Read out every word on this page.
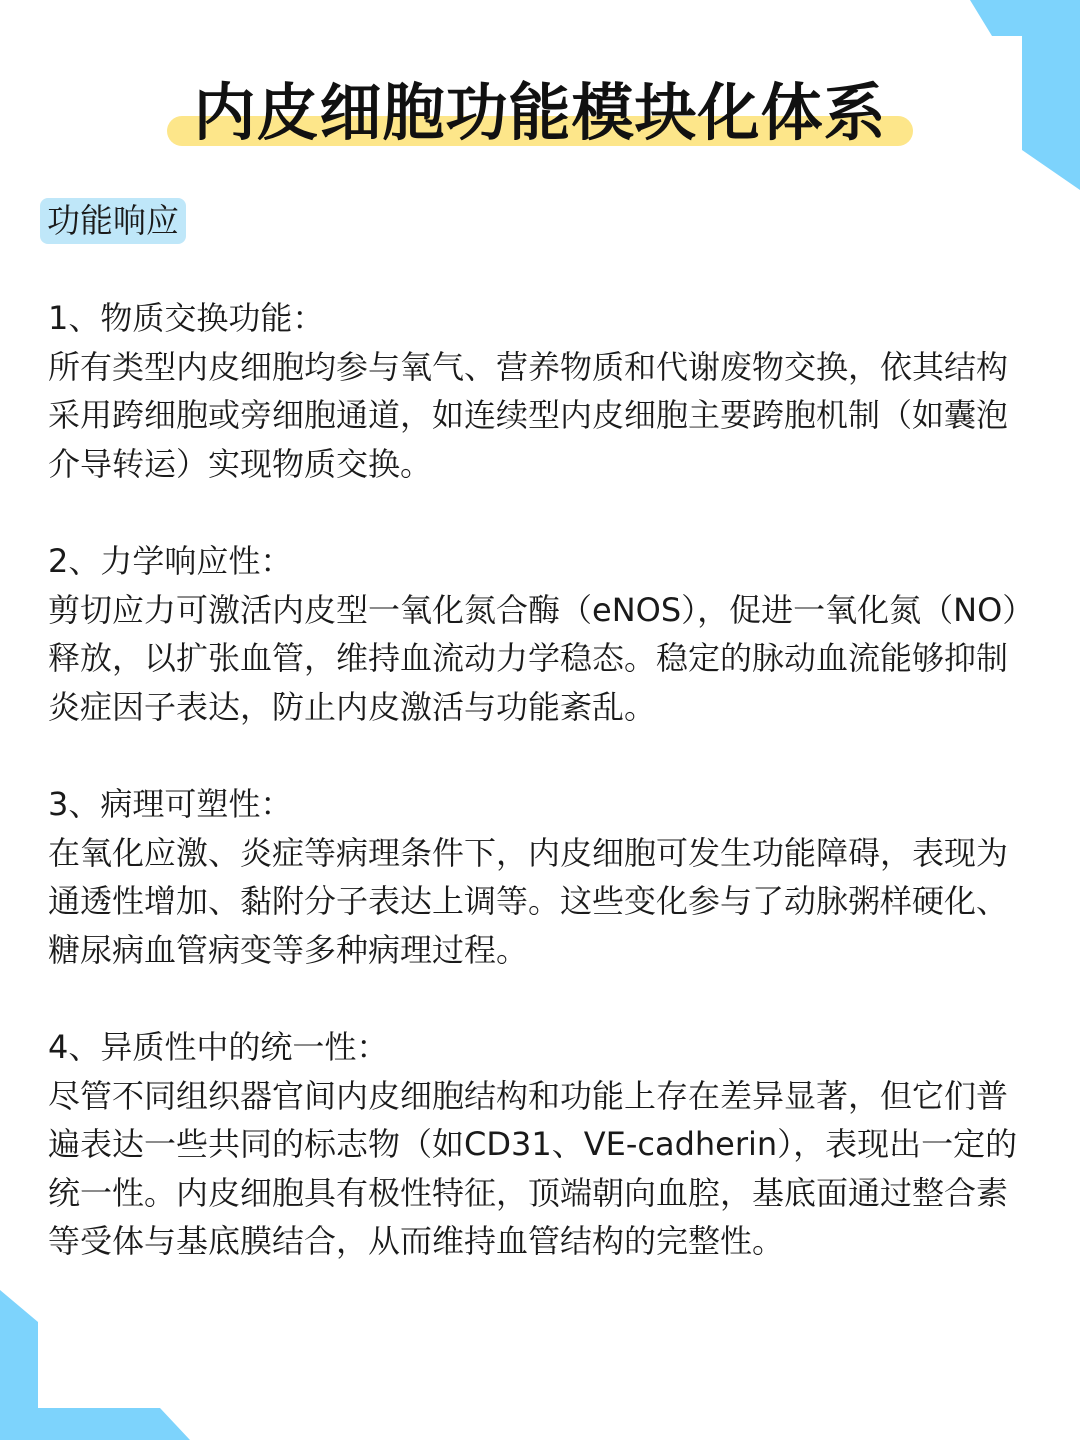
内皮细胞功能模块化体系
功能响应
1、物质交换功能：
所有类型内皮细胞均参与氧气、营养物质和代谢废物交换，依其结构采用跨细胞或旁细胞通道，如连续型内皮细胞主要跨胞机制（如囊泡介导转运）实现物质交换。
2、力学响应性：
剪切应力可激活内皮型一氧化氮合酶（eNOS），促进一氧化氮（NO）释放，以扩张血管，维持血流动力学稳态。稳定的脉动血流能够抑制炎症因子表达，防止内皮激活与功能紊乱。
3、病理可塑性：
在氧化应激、炎症等病理条件下，内皮细胞可发生功能障碍，表现为通透性增加、黏附分子表达上调等。这些变化参与了动脉粥样硬化、糖尿病血管病变等多种病理过程。
4、异质性中的统一性：
尽管不同组织器官间内皮细胞结构和功能上存在差异显著，但它们普遍表达一些共同的标志物（如CD31、VE-cadherin），表现出一定的统一性。内皮细胞具有极性特征，顶端朝向血腔，基底面通过整合素等受体与基底膜结合，从而维持血管结构的完整性。
